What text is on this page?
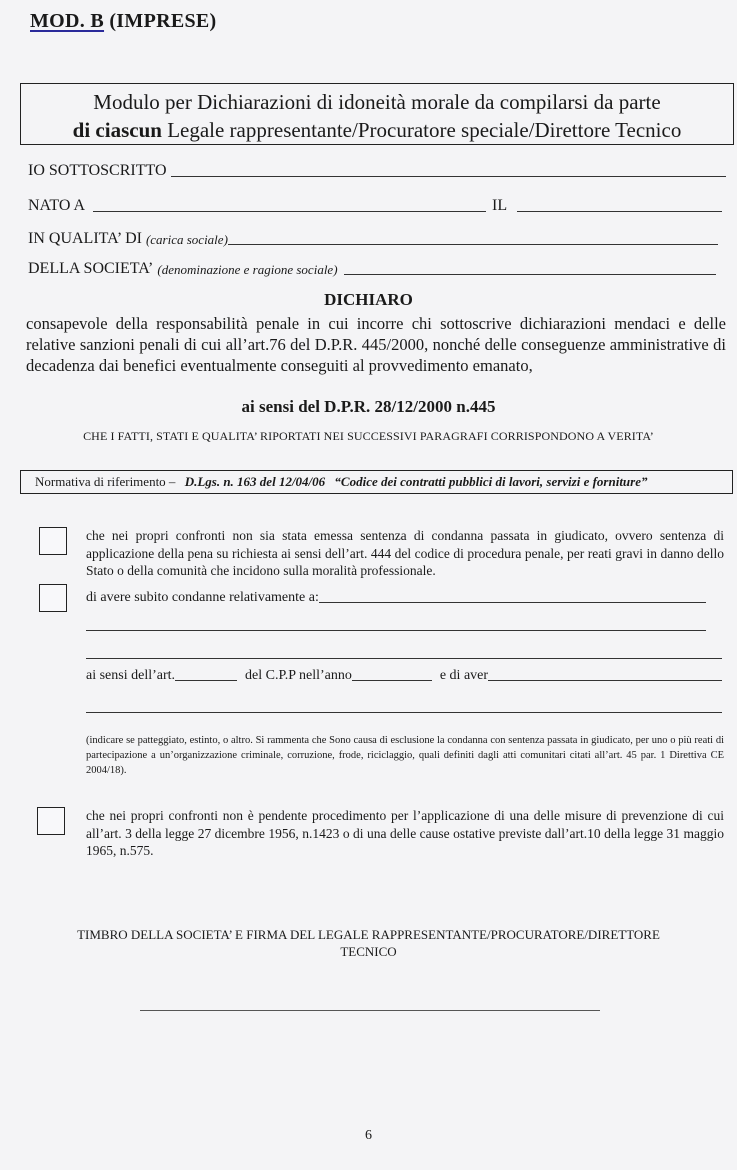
MOD. B (IMPRESE)
Modulo per Dichiarazioni di idoneità morale da compilarsi da parte
di ciascun Legale rappresentante/Procuratore speciale/Direttore Tecnico
IO SOTTOSCRITTO
NATO A	IL
IN QUALITA’ DI (carica sociale)
DELLA SOCIETA’ (denominazione e ragione sociale)
DICHIARO
consapevole della responsabilità penale in cui incorre chi sottoscrive dichiarazioni mendaci e delle relative sanzioni penali di cui all’art.76 del D.P.R. 445/2000, nonché delle conseguenze amministrative di decadenza dai benefici eventualmente conseguiti al provvedimento emanato,
ai sensi del D.P.R. 28/12/2000 n.445
CHE I FATTI, STATI E QUALITA’ RIPORTATI NEI SUCCESSIVI PARAGRAFI CORRISPONDONO A VERITA’
Normativa di riferimento – D.Lgs. n. 163 del 12/04/06 “Codice dei contratti pubblici di lavori, servizi e forniture”
che nei propri confronti non sia stata emessa sentenza di condanna passata in giudicato, ovvero sentenza di applicazione della pena su richiesta ai sensi dell’art. 444 del codice di procedura penale, per reati gravi in danno dello Stato o della comunità che incidono sulla moralità professionale.
di avere subito condanne relativamente a:
ai sensi dell’art.	del C.P.P nell’anno	e di aver
(indicare se patteggiato, estinto, o altro. Si rammenta che Sono causa di esclusione la condanna con sentenza passata in giudicato, per uno o più reati di partecipazione a un’organizzazione criminale, corruzione, frode, riciclaggio, quali definiti dagli atti comunitari citati all’art. 45 par. 1 Direttiva CE 2004/18).
che nei propri confronti non è pendente procedimento per l’applicazione di una delle misure di prevenzione di cui all’art. 3 della legge 27 dicembre 1956, n.1423 o di una delle cause ostative previste dall’art.10 della legge 31 maggio 1965, n.575.
TIMBRO DELLA SOCIETA’ E FIRMA DEL LEGALE RAPPRESENTANTE/PROCURATORE/DIRETTORE
TECNICO
6
